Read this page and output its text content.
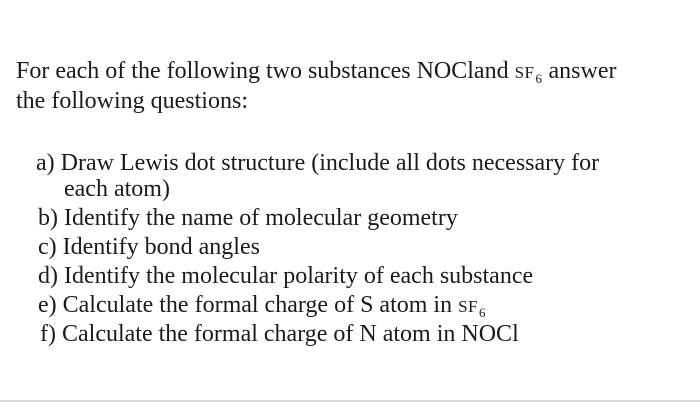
For each of the following two substances NOCland $SF_6$ answer
the following questions:
a) Draw Lewis dot structure (include all dots necessary for
each atom)
b) Identify the name of molecular geometry
c) Identify bond angles
d) Identify the molecular polarity of each substance
e) Calculate the formal charge of S atom in $SF_6$
f) Calculate the formal charge of N atom in NOCl
